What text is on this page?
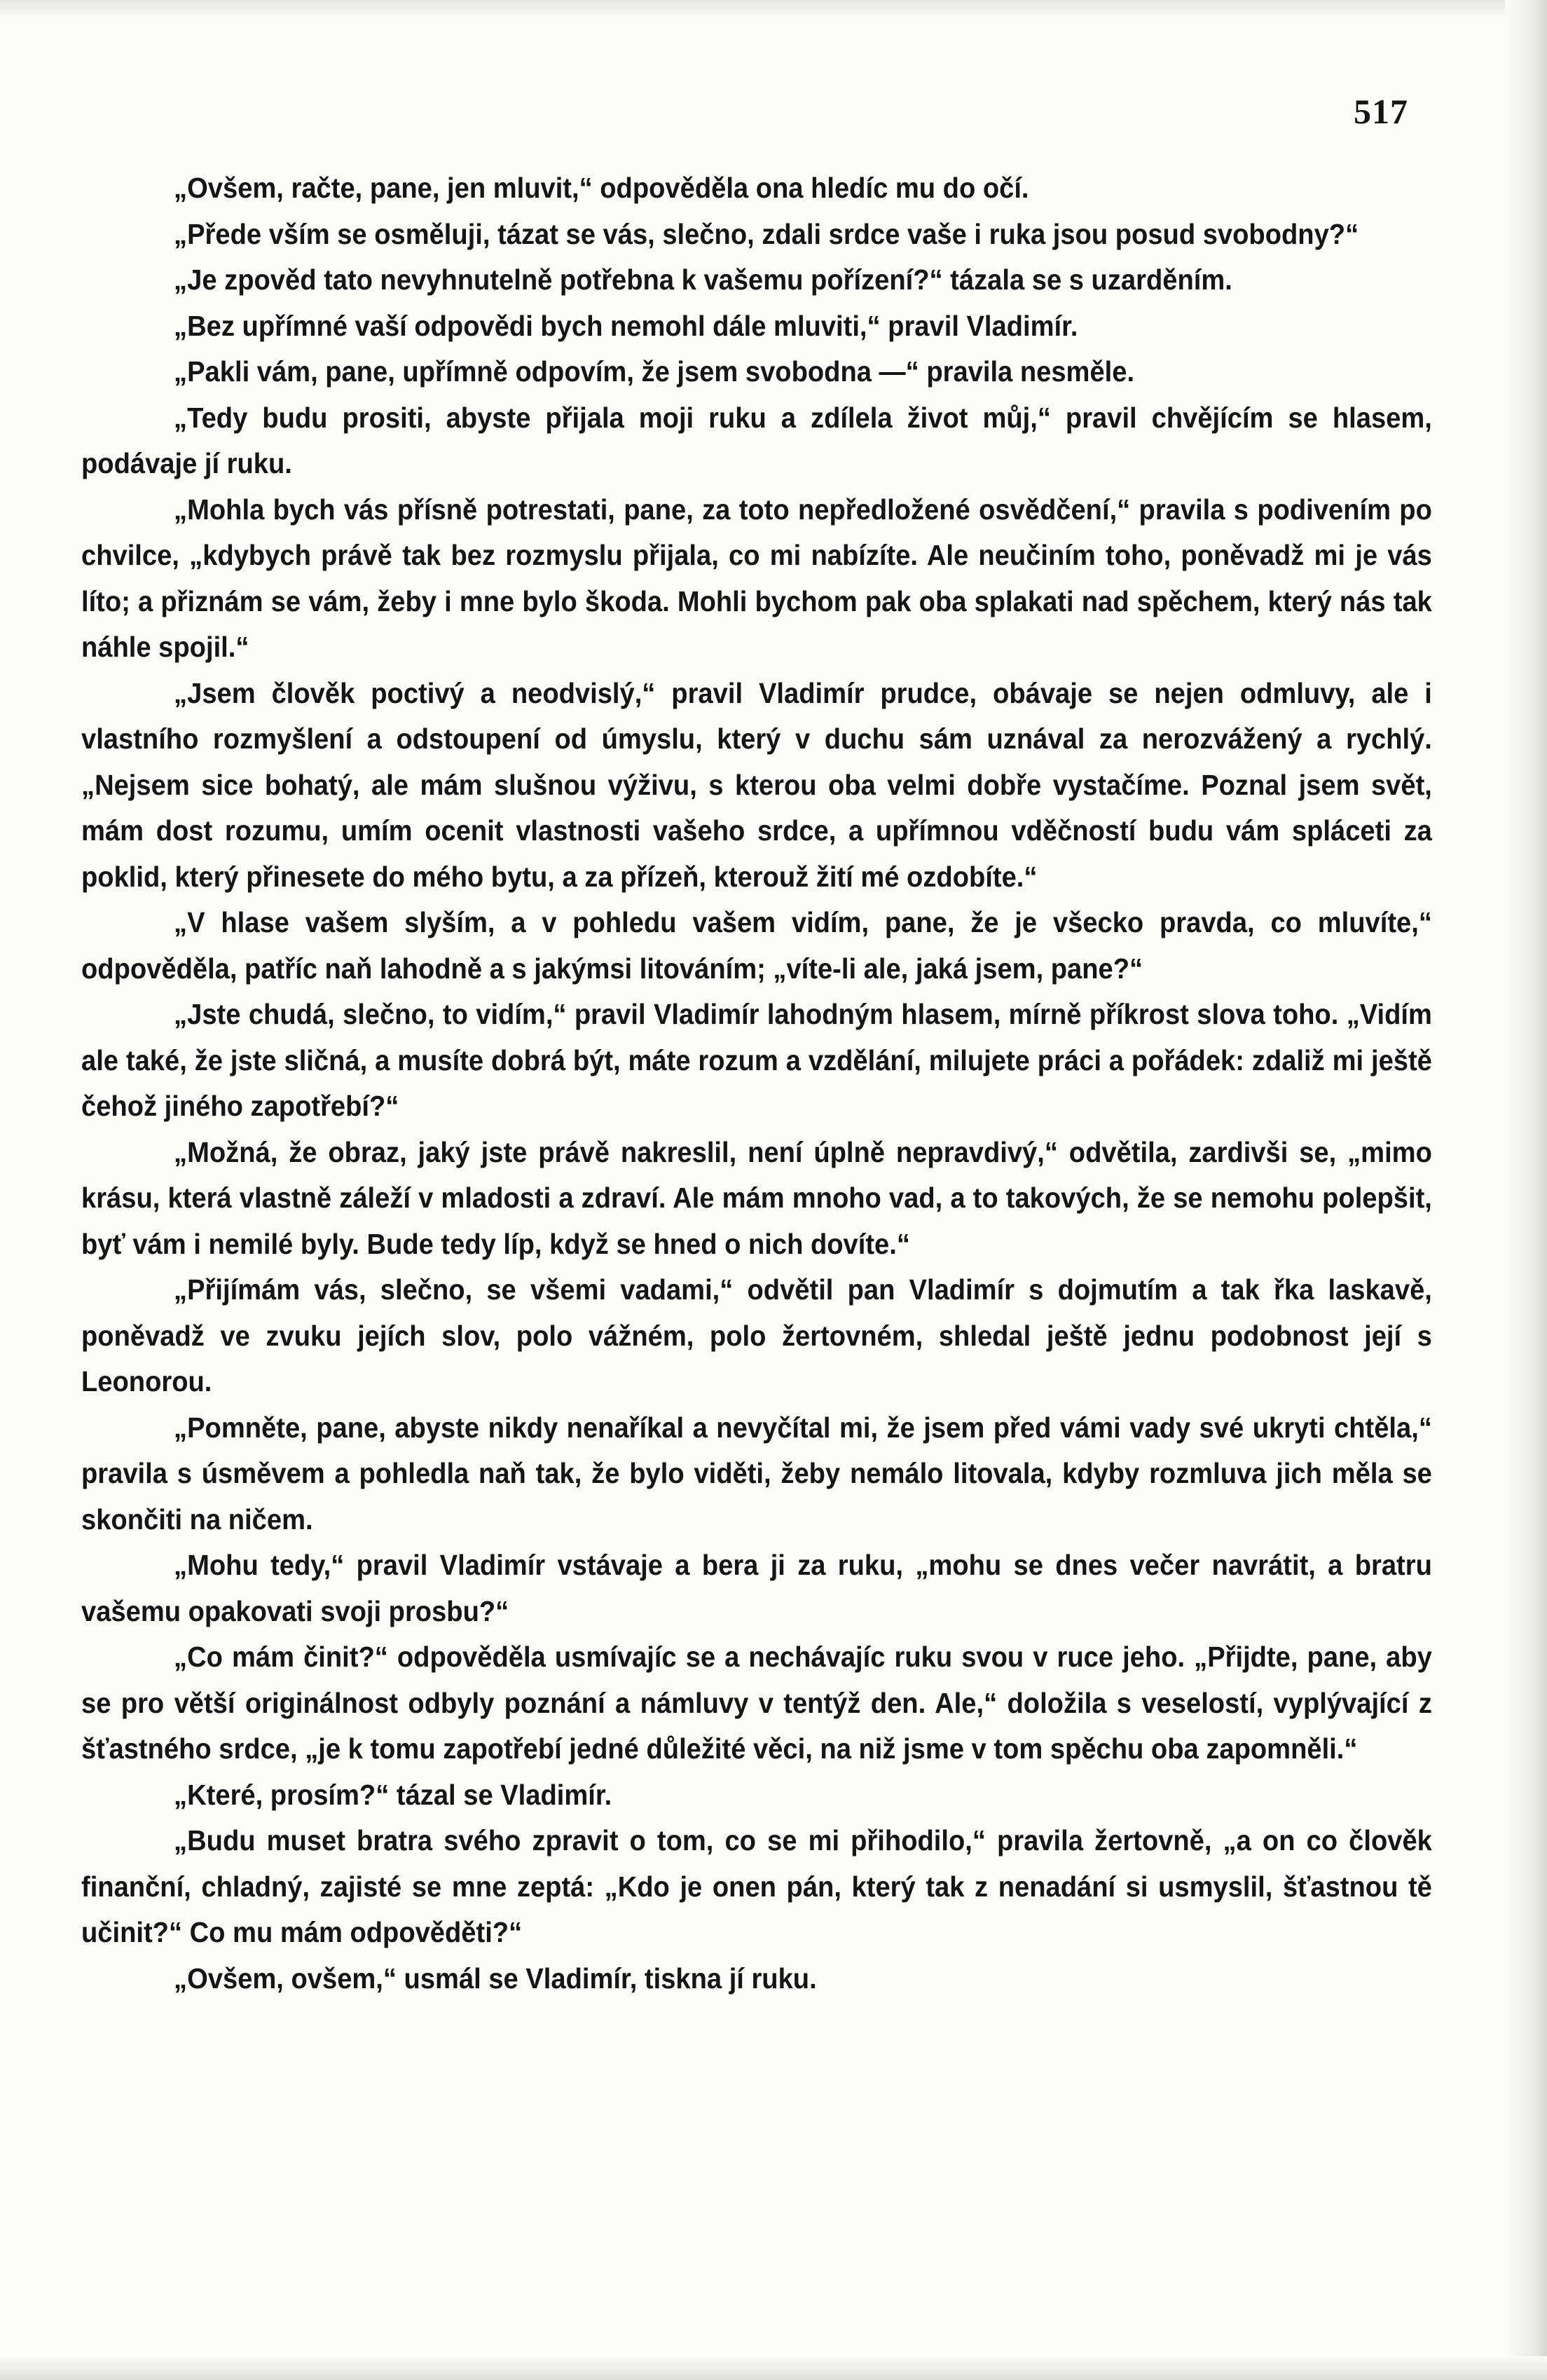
517

„Ovšem, račte, pane, jen mluvit,“ odpověděla ona hledíc mu do očí.

„Přede vším se osměluji, tázat se vás, slečno, zdali srdce vaše i ruka jsou posud svobodny?“

„Je zpověd tato nevyhnutelně potřebna k vašemu pořízení?“ tázala se s uzarděním.

„Bez upřímné vaší odpovědi bych nemohl dále mluviti,“ pravil Vladimír.

„Pakli vám, pane, upřímně odpovím, že jsem svobodna —“ pravila nesměle.

„Tedy budu prositi, abyste přijala moji ruku a zdílela život můj,“ pravil chvějícím se hlasem, podávaje jí ruku.

„Mohla bych vás přísně potrestati, pane, za toto nepředložené osvědčení,“ pravila s podivením po chvilce, „kdybych právě tak bez rozmyslu přijala, co mi nabízíte. Ale neučiním toho, poněvadž mi je vás líto; a přiznám se vám, žeby i mne bylo škoda. Mohli bychom pak oba splakati nad spěchem, který nás tak náhle spojil.“

„Jsem člověk poctivý a neodvislý,“ pravil Vladimír prudce, obávaje se nejen odmluvy, ale i vlastního rozmyšlení a odstoupení od úmyslu, který v duchu sám uznával za nerozvážený a rychlý. „Nejsem sice bohatý, ale mám slušnou výživu, s kterou oba velmi dobře vystačíme. Poznal jsem svět, mám dost rozumu, umím ocenit vlastnosti vašeho srdce, a upřímnou vděčností budu vám spláceti za poklid, který přinesete do mého bytu, a za přízeň, kterouž žití mé ozdobíte.“

„V hlase vašem slyším, a v pohledu vašem vidím, pane, že je všecko pravda, co mluvíte,“ odpověděla, patříc naň lahodně a s jakýmsi litováním; „víte-li ale, jaká jsem, pane?“

„Jste chudá, slečno, to vidím,“ pravil Vladimír lahodným hlasem, mírně příkrost slova toho. „Vidím ale také, že jste sličná, a musíte dobrá být, máte rozum a vzdělání, milujete práci a pořádek: zdaliž mi ještě čehož jiného zapotřebí?“

„Možná, že obraz, jaký jste právě nakreslil, není úplně nepravdivý,“ odvětila, zardivši se, „mimo krásu, která vlastně záleží v mladosti a zdraví. Ale mám mnoho vad, a to takových, že se nemohu polepšit, byť vám i nemilé byly. Bude tedy líp, když se hned o nich dovíte.“

„Přijímám vás, slečno, se všemi vadami,“ odvětil pan Vladimír s dojmutím a tak řka laskavě, poněvadž ve zvuku jejích slov, polo vážném, polo žertovném, shledal ještě jednu podobnost její s Leonorou.

„Pomněte, pane, abyste nikdy nenaříkal a nevyčítal mi, že jsem před vámi vady své ukryti chtěla,“ pravila s úsměvem a pohledla naň tak, že bylo viděti, žeby nemálo litovala, kdyby rozmluva jich měla se skončiti na ničem.

„Mohu tedy,“ pravil Vladimír vstávaje a bera ji za ruku, „mohu se dnes večer navrátit, a bratru vašemu opakovati svoji prosbu?“

„Co mám činit?“ odpověděla usmívajíc se a nechávajíc ruku svou v ruce jeho. „Přijdte, pane, aby se pro větší originálnost odbyly poznání a námluvy v tentýž den. Ale,“ doložila s veselostí, vyplývající z šťastného srdce, „je k tomu zapotřebí jedné důležité věci, na niž jsme v tom spěchu oba zapomněli.“

„Které, prosím?“ tázal se Vladimír.

„Budu muset bratra svého zpravit o tom, co se mi přihodilo,“ pravila žertovně, „a on co člověk finanční, chladný, zajisté se mne zeptá: „Kdo je onen pán, který tak z nenadání si usmyslil, šťastnou tě učinit?“ Co mu mám odpověděti?“

„Ovšem, ovšem,“ usmál se Vladimír, tiskna jí ruku.
